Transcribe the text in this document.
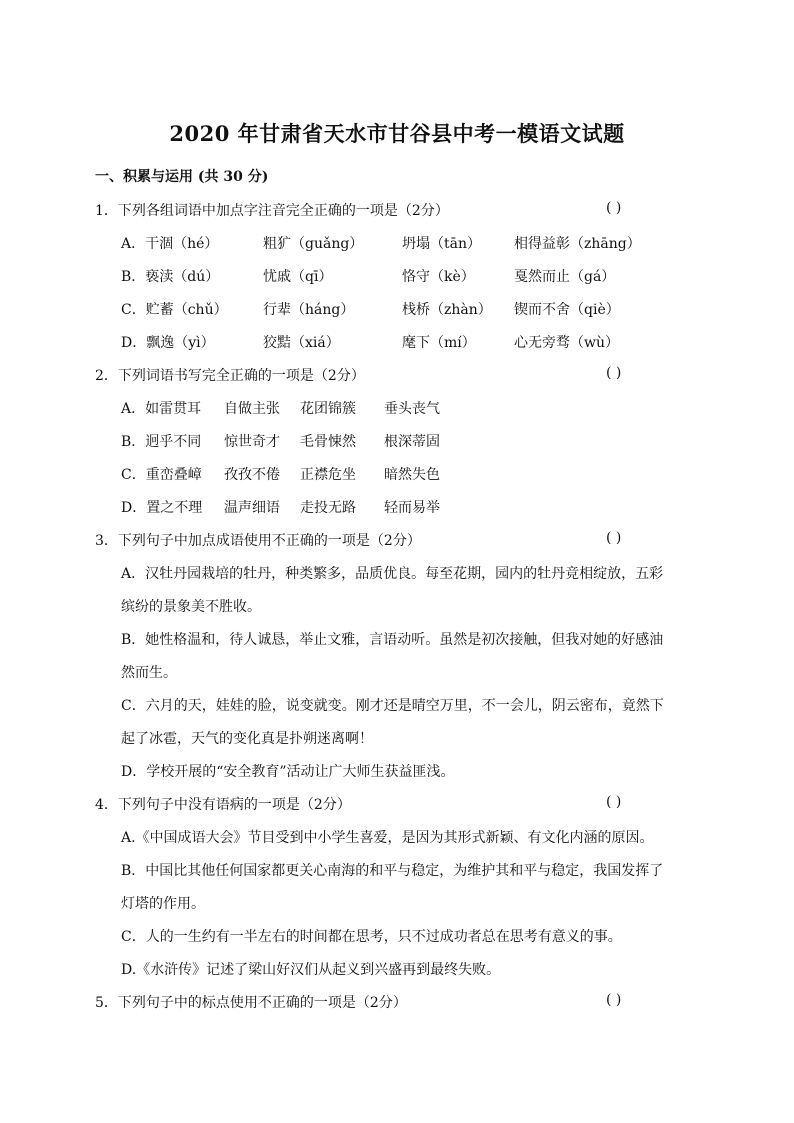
2020 年甘肃省天水市甘谷县中考一模语文试题
一、积累与运用 (共 30 分)
1．下列各组词语中加点字注音完全正确的一项是（2分）	( )
A．干涸（hé）	粗犷（guǎng）	坍塌（tān） 相得益彰（zhāng）
B．亵渎（dú）	忧戚（qī）	恪守（kè）	戛然而止（gá）
C．贮蓄（chǔ）	行辈（háng）	栈桥（zhàn） 锲而不舍（qiè）
D．飘逸（yì）	狡黠（xiá）	麾下（mí）	心无旁骛（wù）
2．下列词语书写完全正确的一项是（2分）	( )
A．如雷贯耳 自做主张 花团锦簇 垂头丧气
B．迥乎不同 惊世奇才 毛骨悚然 根深蒂固
C．重峦叠嶂 孜孜不倦 正襟危坐 暗然失色
D．置之不理 温声细语 走投无路 轻而易举
3．下列句子中加点成语使用不正确的一项是（2分）	( )
A．汉牡丹园栽培的牡丹，种类繁多，品质优良。每至花期，园内的牡丹竞相绽放，五彩
缤纷的景象美不胜收。
B．她性格温和，待人诚恳，举止文雅，言语动听。虽然是初次接触，但我对她的好感油
然而生。
C．六月的天，娃娃的脸，说变就变。刚才还是晴空万里，不一会儿，阴云密布，竟然下
起了冰雹，天气的变化真是扑朔迷离啊！
D．学校开展的“安全教育”活动让广大师生获益匪浅。
4．下列句子中没有语病的一项是（2分）	( )
A.《中国成语大会》节目受到中小学生喜爱，是因为其形式新颖、有文化内涵的原因。
B．中国比其他任何国家都更关心南海的和平与稳定，为维护其和平与稳定，我国发挥了
灯塔的作用。
C．人的一生约有一半左右的时间都在思考，只不过成功者总在思考有意义的事。
D.《水浒传》记述了梁山好汉们从起义到兴盛再到最终失败。
5．下列句子中的标点使用不正确的一项是（2分）	( )
